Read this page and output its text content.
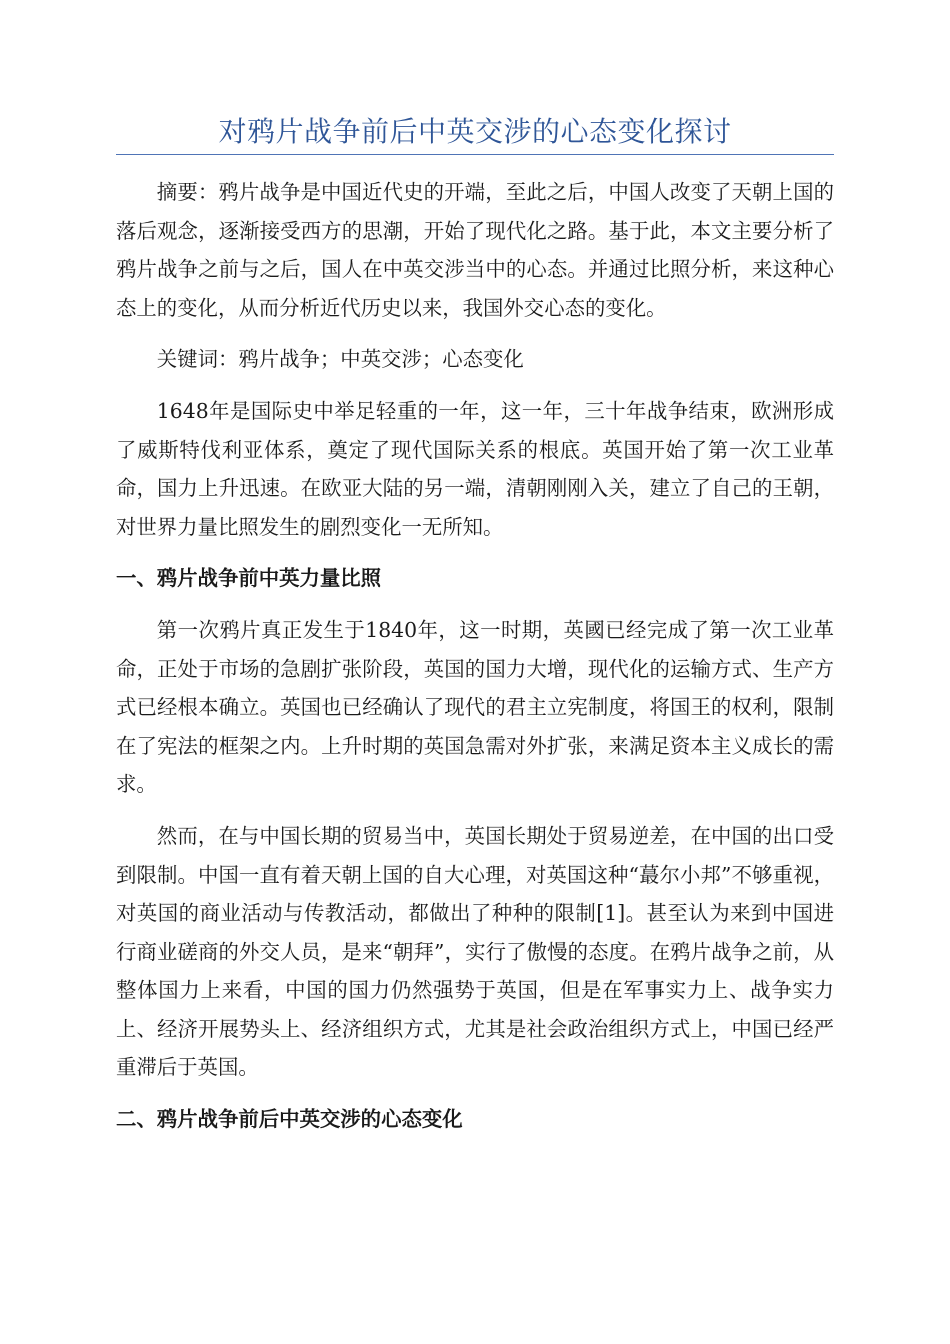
对鸦片战争前后中英交涉的心态变化探讨

摘要：鸦片战争是中国近代史的开端，至此之后，中国人改变了天朝上国的落后观念，逐渐接受西方的思潮，开始了现代化之路。基于此，本文主要分析了鸦片战争之前与之后，国人在中英交涉当中的心态。并通过比照分析，来这种心态上的变化，从而分析近代历史以来，我国外交心态的变化。

关键词：鸦片战争；中英交涉；心态变化

1648年是国际史中举足轻重的一年，这一年，三十年战争结束，欧洲形成了威斯特伐利亚体系，奠定了现代国际关系的根底。英国开始了第一次工业革命，国力上升迅速。在欧亚大陆的另一端，清朝刚刚入关，建立了自己的王朝，对世界力量比照发生的剧烈变化一无所知。

一、鸦片战争前中英力量比照

第一次鸦片真正发生于1840年，这一时期，英國已经完成了第一次工业革命，正处于市场的急剧扩张阶段，英国的国力大增，现代化的运输方式、生产方式已经根本确立。英国也已经确认了现代的君主立宪制度，将国王的权利，限制在了宪法的框架之内。上升时期的英国急需对外扩张，来满足资本主义成长的需求。

然而，在与中国长期的贸易当中，英国长期处于贸易逆差，在中国的出口受到限制。中国一直有着天朝上国的自大心理，对英国这种“蕞尔小邦”不够重视，对英国的商业活动与传教活动，都做出了种种的限制[1]。甚至认为来到中国进行商业磋商的外交人员，是来“朝拜”，实行了傲慢的态度。在鸦片战争之前，从整体国力上来看，中国的国力仍然强势于英国，但是在军事实力上、战争实力上、经济开展势头上、经济组织方式，尤其是社会政治组织方式上，中国已经严重滞后于英国。

二、鸦片战争前后中英交涉的心态变化
